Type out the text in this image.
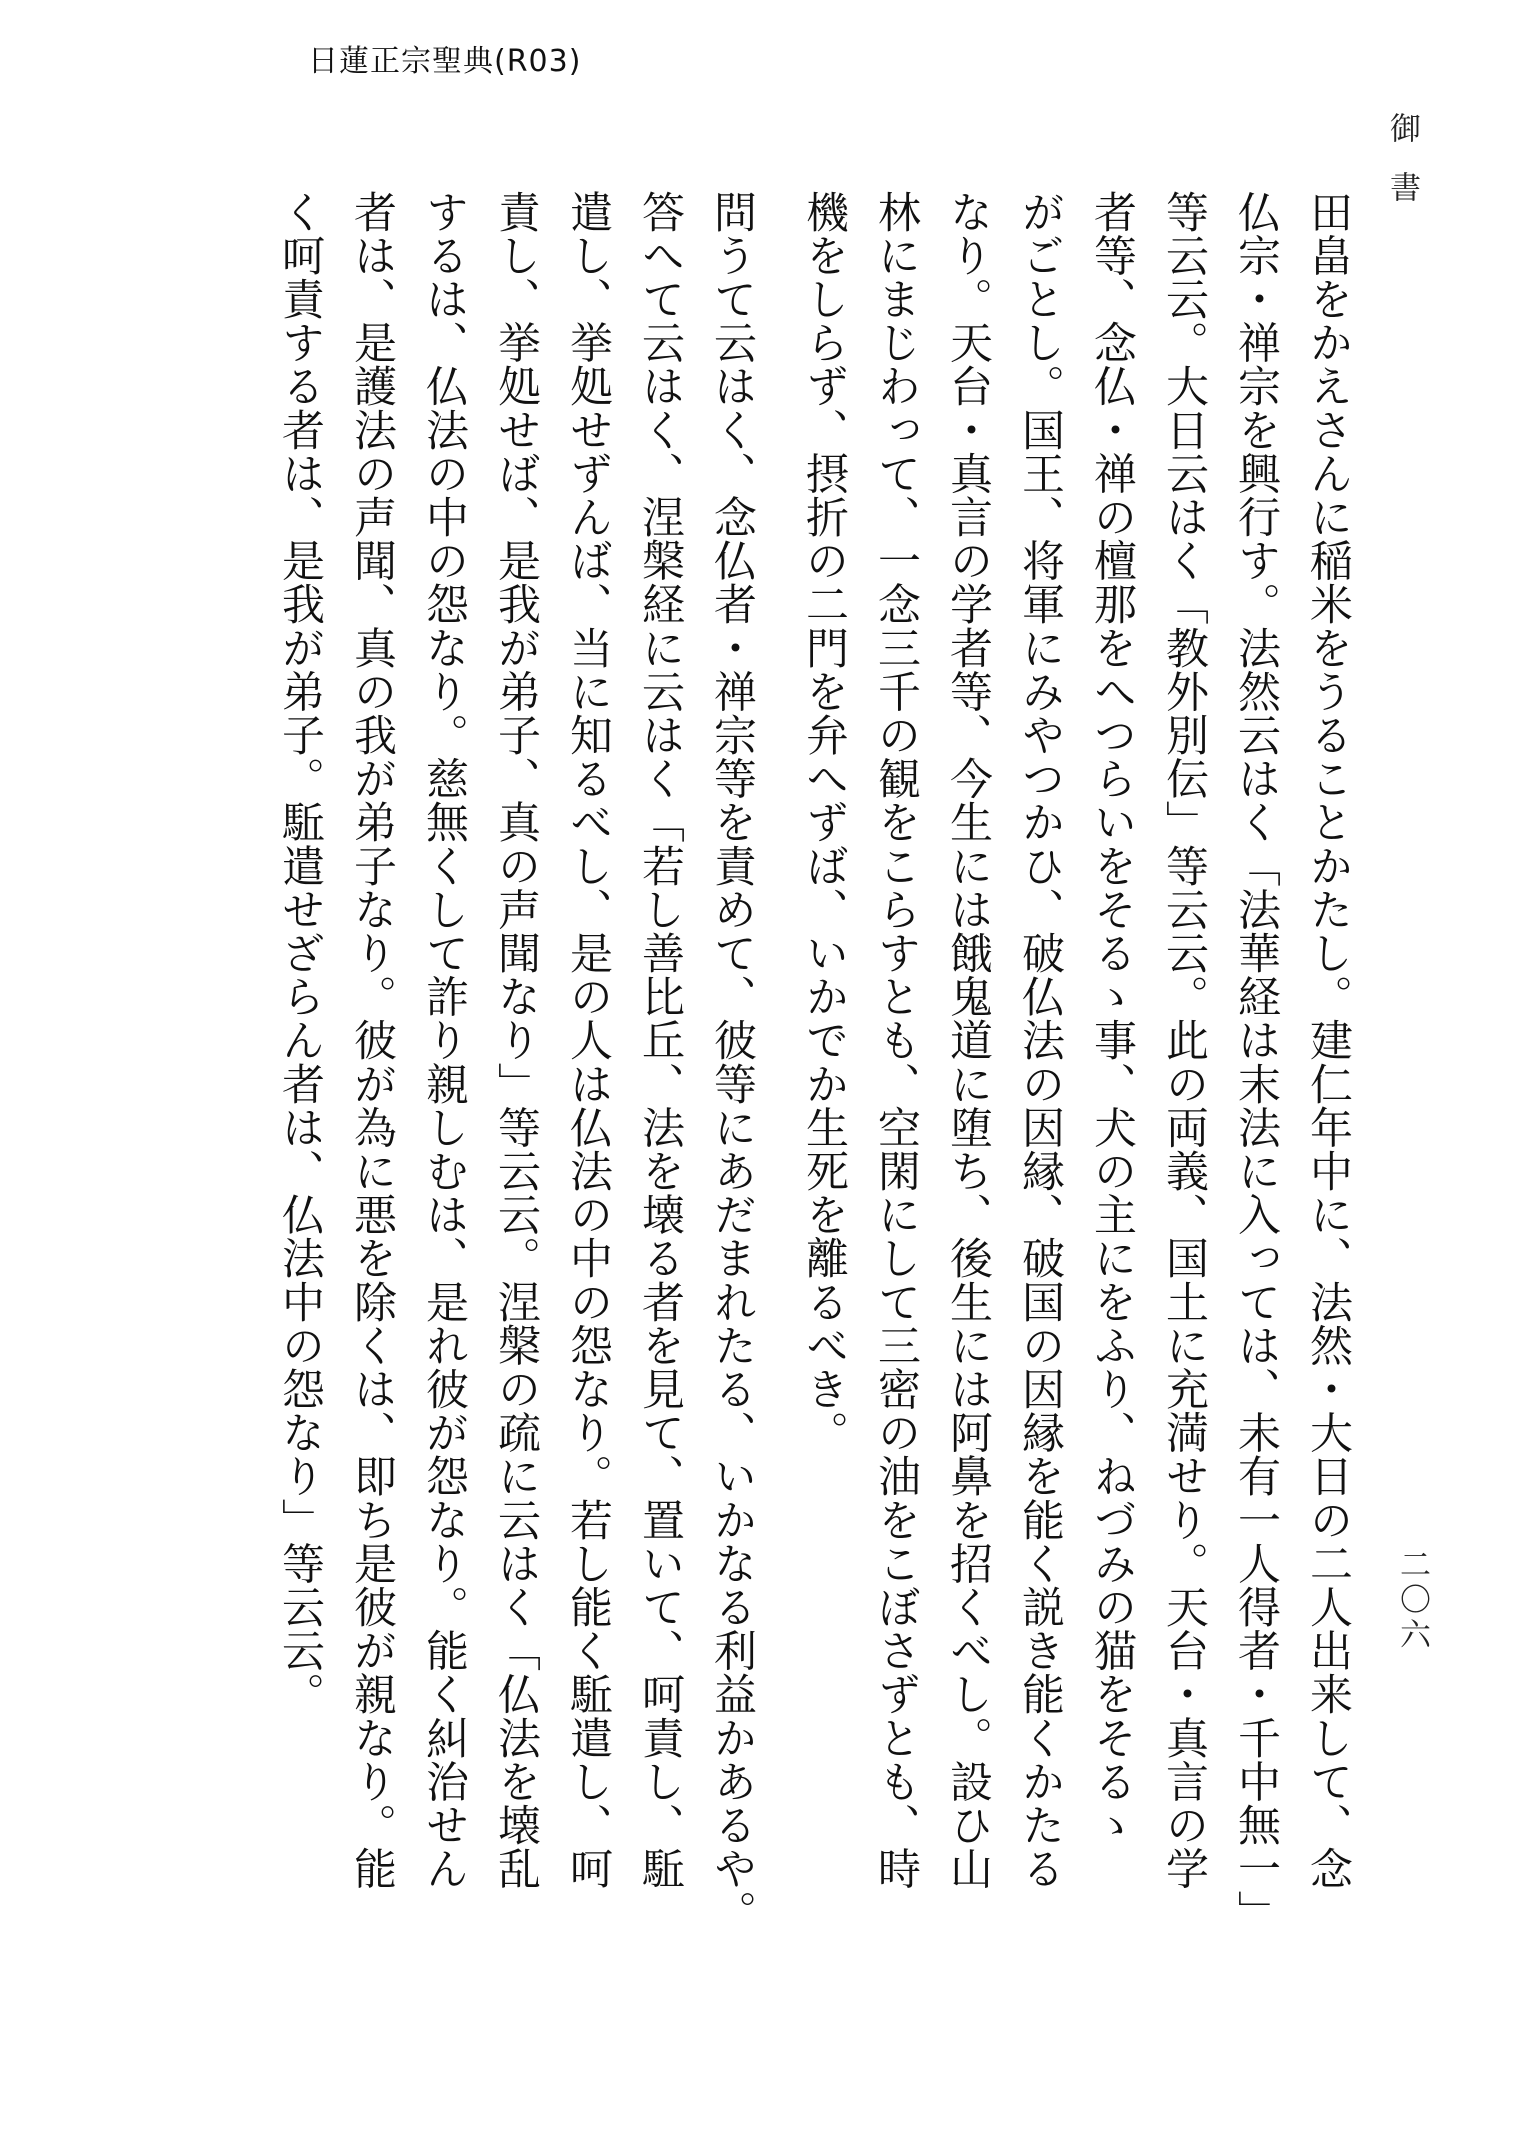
日蓮正宗聖典(R03)
御書
二〇六
田畠をかえさんに稲米をうることかたし。建仁年中に、法然・大日の二人出来して、念
仏宗・禅宗を興行す。法然云はく「法華経は末法に入っては、未有一人得者・千中無一」
等云云。大日云はく「教外別伝」等云云。此の両義、国土に充満せり。天台・真言の学
者等、念仏・禅の檀那をへつらいをそるゝ事、犬の主にをふり、ねづみの猫をそるゝ
がごとし。国王、将軍にみやつかひ、破仏法の因縁、破国の因縁を能く説き能くかたる
なり。天台・真言の学者等、今生には餓鬼道に堕ち、後生には阿鼻を招くべし。設ひ山
林にまじわって、一念三千の観をこらすとも、空閑にして三密の油をこぼさずとも、時
機をしらず、摂折の二門を弁へずば、いかでか生死を離るべき。
問うて云はく、念仏者・禅宗等を責めて、彼等にあだまれたる、いかなる利益かあるや。
答へて云はく、涅槃経に云はく「若し善比丘、法を壊る者を見て、置いて、呵責し、駈
遣し、挙処せずんば、当に知るべし、是の人は仏法の中の怨なり。若し能く駈遣し、呵
責し、挙処せば、是我が弟子、真の声聞なり」等云云。涅槃の疏に云はく「仏法を壊乱
するは、仏法の中の怨なり。慈無くして詐り親しむは、是れ彼が怨なり。能く糾治せん
者は、是護法の声聞、真の我が弟子なり。彼が為に悪を除くは、即ち是彼が親なり。能
く呵責する者は、是我が弟子。駈遣せざらん者は、仏法中の怨なり」等云云。
